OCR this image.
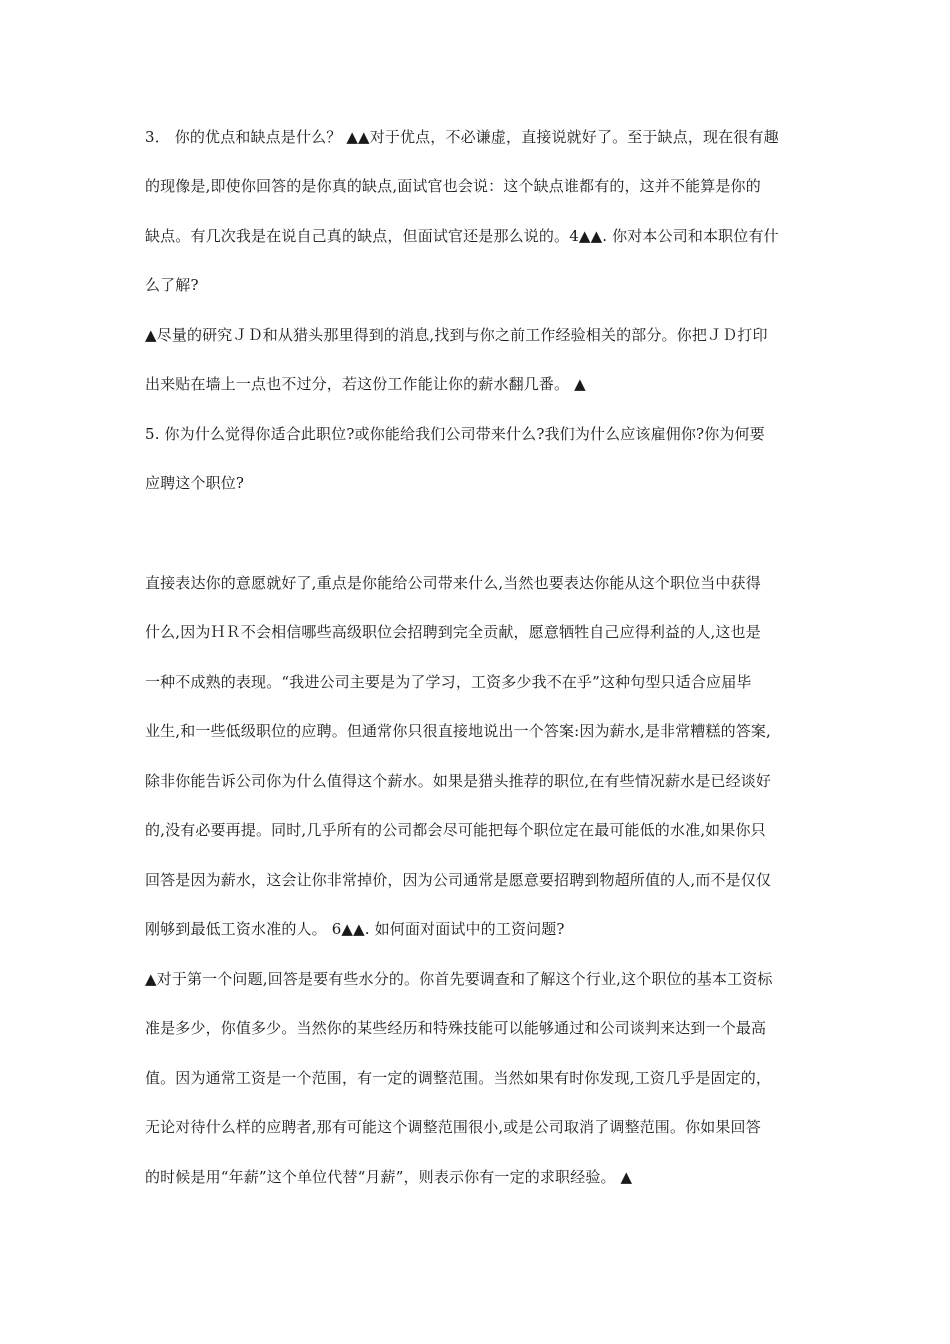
3． 你的优点和缺点是什么？ ▲▲对于优点，不必谦虚，直接说就好了。至于缺点，现在很有趣
的现像是,即使你回答的是你真的缺点,面试官也会说：这个缺点谁都有的，这并不能算是你的
缺点。有几次我是在说自己真的缺点，但面试官还是那么说的。4▲▲. 你对本公司和本职位有什
么了解?
▲尽量的研究ＪＤ和从猎头那里得到的消息,找到与你之前工作经验相关的部分。你把ＪＤ打印
出来贴在墙上一点也不过分，若这份工作能让你的薪水翻几番。 ▲
5. 你为什么觉得你适合此职位?或你能给我们公司带来什么?我们为什么应该雇佣你?你为何要
应聘这个职位?
直接表达你的意愿就好了,重点是你能给公司带来什么,当然也要表达你能从这个职位当中获得
什么,因为ＨＲ不会相信哪些高级职位会招聘到完全贡献，愿意牺牲自己应得利益的人,这也是
一种不成熟的表现。“我进公司主要是为了学习，工资多少我不在乎”这种句型只适合应届毕
业生,和一些低级职位的应聘。但通常你只很直接地说出一个答案:因为薪水,是非常糟糕的答案,
除非你能告诉公司你为什么值得这个薪水。如果是猎头推荐的职位,在有些情况薪水是已经谈好
的,没有必要再提。同时,几乎所有的公司都会尽可能把每个职位定在最可能低的水准,如果你只
回答是因为薪水，这会让你非常掉价，因为公司通常是愿意要招聘到物超所值的人,而不是仅仅
刚够到最低工资水准的人。 6▲▲. 如何面对面试中的工资问题?
▲对于第一个问题,回答是要有些水分的。你首先要调查和了解这个行业,这个职位的基本工资标
准是多少，你值多少。当然你的某些经历和特殊技能可以能够通过和公司谈判来达到一个最高
值。因为通常工资是一个范围，有一定的调整范围。当然如果有时你发现,工资几乎是固定的，
无论对待什么样的应聘者,那有可能这个调整范围很小,或是公司取消了调整范围。你如果回答
的时候是用“年薪”这个单位代替“月薪”，则表示你有一定的求职经验。 ▲
